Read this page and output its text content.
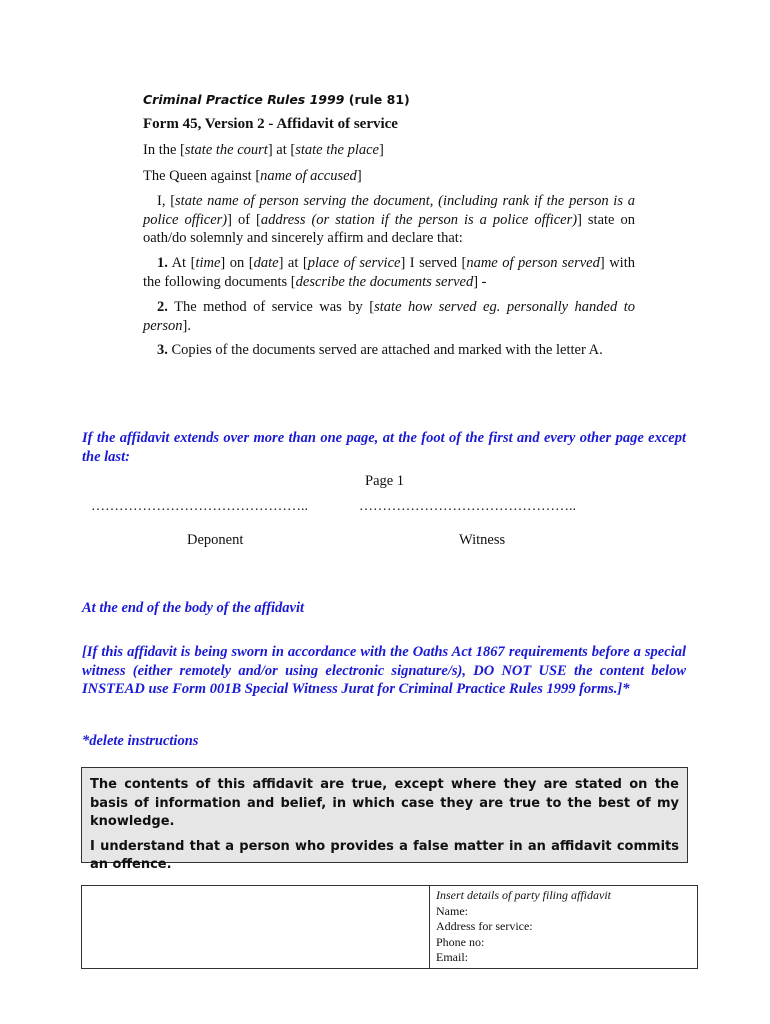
Criminal Practice Rules 1999 (rule 81)
Form 45, Version 2 - Affidavit of service
In the [state the court] at [state the place]
The Queen against [name of accused]
I, [state name of person serving the document, (including rank if the person is a police officer)] of [address (or station if the person is a police officer)] state on oath/do solemnly and sincerely affirm and declare that:
1. At [time] on [date] at [place of service] I served [name of person served] with the following documents [describe the documents served] -
2. The method of service was by [state how served eg. personally handed to person].
3. Copies of the documents served are attached and marked with the letter A.
If the affidavit extends over more than one page, at the foot of the first and every other page except the last:
Page 1
………………………………………..	………………………………………..
Deponent	Witness
At the end of the body of the affidavit
[If this affidavit is being sworn in accordance with the Oaths Act 1867 requirements before a special witness (either remotely and/or using electronic signature/s), DO NOT USE the content below INSTEAD use Form 001B Special Witness Jurat for Criminal Practice Rules 1999 forms.]*
*delete instructions

The contents of this affidavit are true, except where they are stated on the basis of information and belief, in which case they are true to the best of my knowledge.

I understand that a person who provides a false matter in an affidavit commits an offence.

Insert details of party filing affidavit
Name:
Address for service:
Phone no:
Email:
